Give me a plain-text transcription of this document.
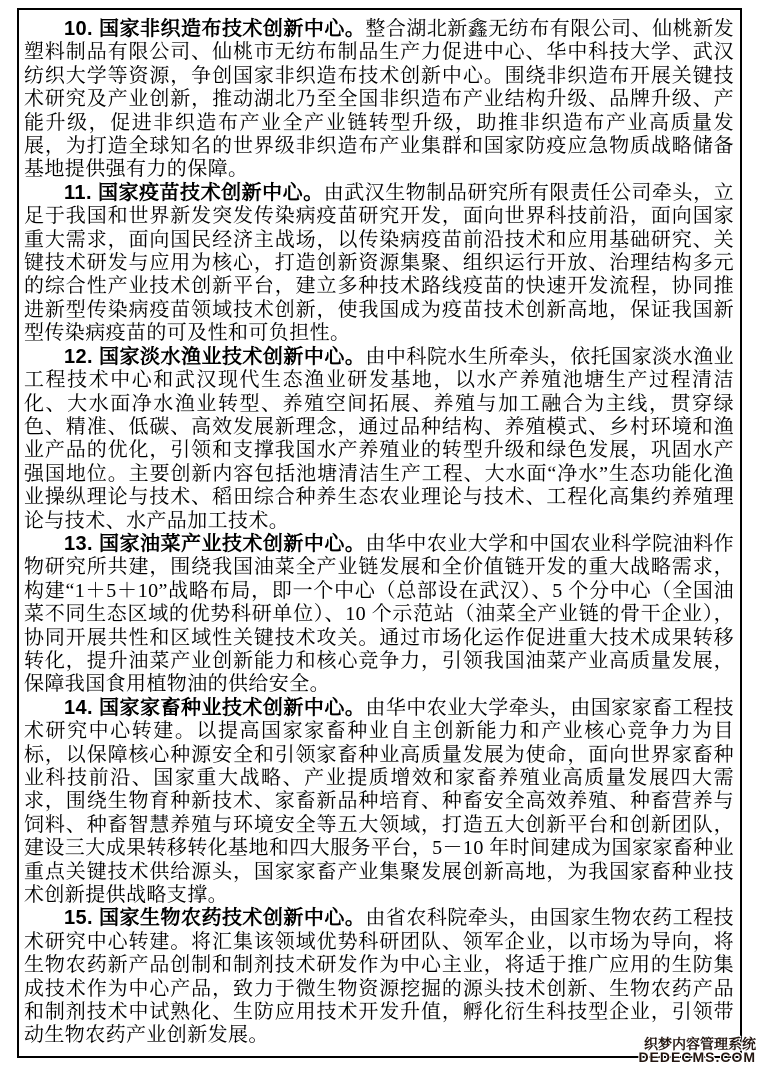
10. 国家非织造布技术创新中心。整合湖北新鑫无纺布有限公司、仙桃新发塑料制品有限公司、仙桃市无纺布制品生产力促进中心、华中科技大学、武汉纺织大学等资源，争创国家非织造布技术创新中心。围绕非织造布开展关键技术研究及产业创新，推动湖北乃至全国非织造布产业结构升级、品牌升级、产能升级，促进非织造布产业全产业链转型升级，助推非织造布产业高质量发展，为打造全球知名的世界级非织造布产业集群和国家防疫应急物质战略储备基地提供强有力的保障。

11. 国家疫苗技术创新中心。由武汉生物制品研究所有限责任公司牵头，立足于我国和世界新发突发传染病疫苗研究开发，面向世界科技前沿，面向国家重大需求，面向国民经济主战场，以传染病疫苗前沿技术和应用基础研究、关键技术研发与应用为核心，打造创新资源集聚、组织运行开放、治理结构多元的综合性产业技术创新平台，建立多种技术路线疫苗的快速开发流程，协同推进新型传染病疫苗领域技术创新，使我国成为疫苗技术创新高地，保证我国新型传染病疫苗的可及性和可负担性。

12. 国家淡水渔业技术创新中心。由中科院水生所牵头，依托国家淡水渔业工程技术中心和武汉现代生态渔业研发基地，以水产养殖池塘生产过程清洁化、大水面净水渔业转型、养殖空间拓展、养殖与加工融合为主线，贯穿绿色、精准、低碳、高效发展新理念，通过品种结构、养殖模式、乡村环境和渔业产品的优化，引领和支撑我国水产养殖业的转型升级和绿色发展，巩固水产强国地位。主要创新内容包括池塘清洁生产工程、大水面“净水”生态功能化渔业操纵理论与技术、稻田综合种养生态农业理论与技术、工程化高集约养殖理论与技术、水产品加工技术。

13. 国家油菜产业技术创新中心。由华中农业大学和中国农业科学院油料作物研究所共建，围绕我国油菜全产业链发展和全价值链开发的重大战略需求，构建“1＋5＋10”战略布局，即一个中心（总部设在武汉）、5 个分中心（全国油菜不同生态区域的优势科研单位）、10 个示范站（油菜全产业链的骨干企业），协同开展共性和区域性关键技术攻关。通过市场化运作促进重大技术成果转移转化，提升油菜产业创新能力和核心竞争力，引领我国油菜产业高质量发展，保障我国食用植物油的供给安全。

14. 国家家畜种业技术创新中心。由华中农业大学牵头，由国家家畜工程技术研究中心转建。以提高国家家畜种业自主创新能力和产业核心竞争力为目标，以保障核心种源安全和引领家畜种业高质量发展为使命，面向世界家畜种业科技前沿、国家重大战略、产业提质增效和家畜养殖业高质量发展四大需求，围绕生物育种新技术、家畜新品种培育、种畜安全高效养殖、种畜营养与饲料、种畜智慧养殖与环境安全等五大领域，打造五大创新平台和创新团队，建设三大成果转移转化基地和四大服务平台，5－10 年时间建成为国家家畜种业重点关键技术供给源头，国家家畜产业集聚发展创新高地，为我国家畜种业技术创新提供战略支撑。

15. 国家生物农药技术创新中心。由省农科院牵头，由国家生物农药工程技术研究中心转建。将汇集该领域优势科研团队、领军企业，以市场为导向，将生物农药新产品创制和制剂技术研发作为中心主业，将适于推广应用的生防集成技术作为中心产品，致力于微生物资源挖掘的源头技术创新、生物农药产品和制剂技术中试熟化、生防应用技术开发升值，孵化衍生科技型企业，引领带动生物农药产业创新发展。	织梦内容管理系统
DEDECMS.COM
